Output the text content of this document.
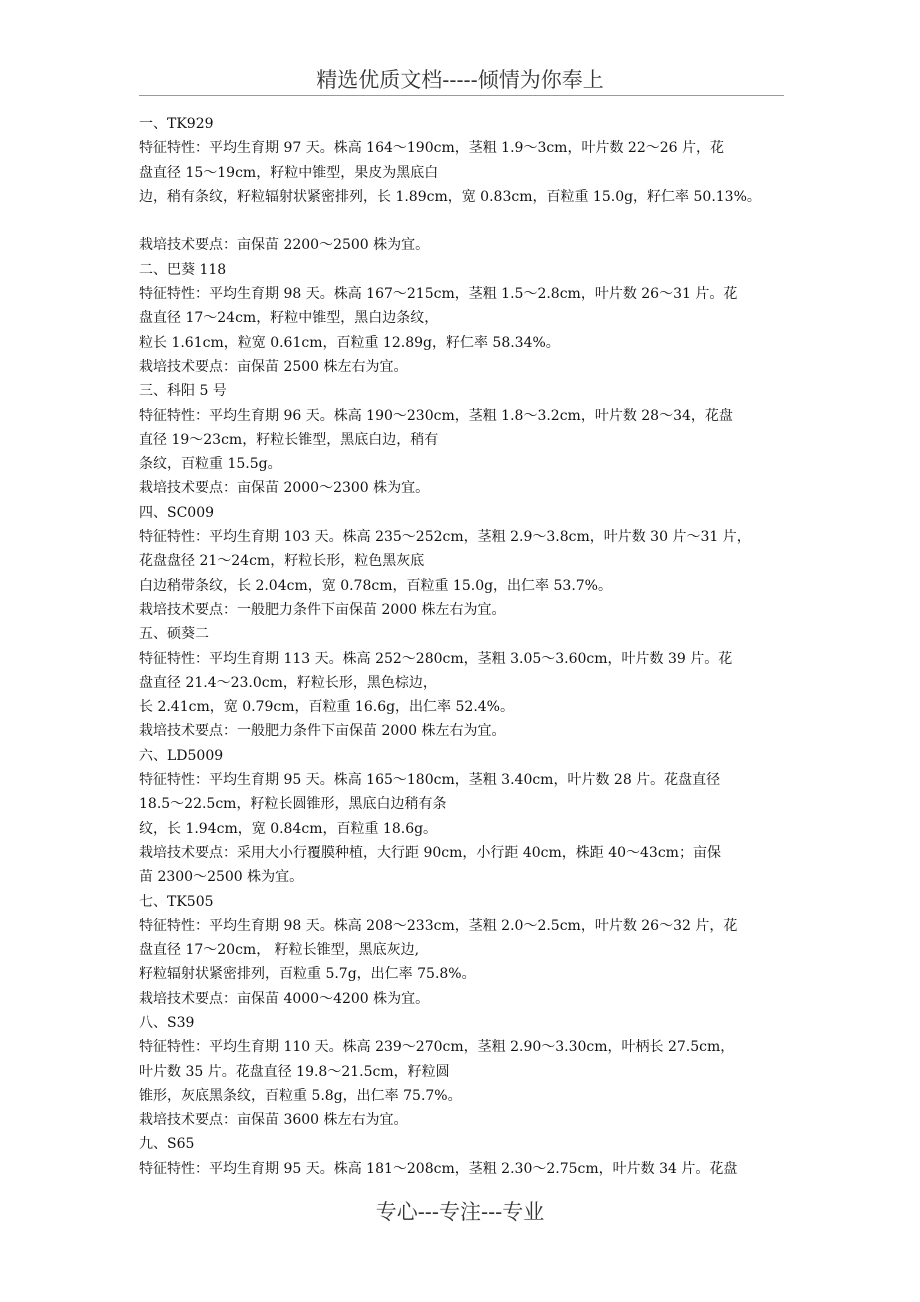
精选优质文档-----倾情为你奉上
一、TK929
特征特性：平均生育期 97 天。株高 164～190cm，茎粗 1.9～3cm，叶片数 22～26 片，花
盘直径 15～19cm，籽粒中锥型，果皮为黑底白
边，稍有条纹，籽粒辐射状紧密排列，长 1.89cm，宽 0.83cm，百粒重 15.0g，籽仁率 50.13%。
栽培技术要点：亩保苗 2200～2500 株为宜。
二、巴葵 118
特征特性：平均生育期 98 天。株高 167～215cm，茎粗 1.5～2.8cm，叶片数 26～31 片。花
盘直径 17～24cm，籽粒中锥型，黑白边条纹，
粒长 1.61cm，粒宽 0.61cm，百粒重 12.89g，籽仁率 58.34%。
栽培技术要点：亩保苗 2500 株左右为宜。
三、科阳 5 号
特征特性：平均生育期 96 天。株高 190～230cm，茎粗 1.8～3.2cm，叶片数 28～34，花盘
直径 19～23cm，籽粒长锥型，黑底白边，稍有
条纹，百粒重 15.5g。
栽培技术要点：亩保苗 2000～2300 株为宜。
四、SC009
特征特性：平均生育期 103 天。株高 235～252cm，茎粗 2.9～3.8cm，叶片数 30 片～31 片，
花盘盘径 21～24cm，籽粒长形，粒色黑灰底
白边稍带条纹，长 2.04cm，宽 0.78cm，百粒重 15.0g，出仁率 53.7%。
栽培技术要点：一般肥力条件下亩保苗 2000 株左右为宜。
五、硕葵二
特征特性：平均生育期 113 天。株高 252～280cm，茎粗 3.05～3.60cm，叶片数 39 片。花
盘直径 21.4～23.0cm，籽粒长形，黑色棕边，
长 2.41cm，宽 0.79cm，百粒重 16.6g，出仁率 52.4%。
栽培技术要点：一般肥力条件下亩保苗 2000 株左右为宜。
六、LD5009
特征特性：平均生育期 95 天。株高 165～180cm，茎粗 3.40cm，叶片数 28 片。花盘直径
18.5～22.5cm，籽粒长圆锥形，黑底白边稍有条
纹，长 1.94cm，宽 0.84cm，百粒重 18.6g。
栽培技术要点：采用大小行覆膜种植，大行距 90cm，小行距 40cm，株距 40～43cm；亩保
苗 2300～2500 株为宜。
七、TK505
特征特性：平均生育期 98 天。株高 208～233cm，茎粗 2.0～2.5cm，叶片数 26～32 片，花
盘直径 17～20cm， 籽粒长锥型，黑底灰边,
籽粒辐射状紧密排列，百粒重 5.7g，出仁率 75.8%。
栽培技术要点：亩保苗 4000～4200 株为宜。
八、S39
特征特性：平均生育期 110 天。株高 239～270cm，茎粗 2.90～3.30cm，叶柄长 27.5cm，
叶片数 35 片。花盘直径 19.8～21.5cm，籽粒圆
锥形，灰底黑条纹，百粒重 5.8g，出仁率 75.7%。
栽培技术要点：亩保苗 3600 株左右为宜。
九、S65
特征特性：平均生育期 95 天。株高 181～208cm，茎粗 2.30～2.75cm，叶片数 34 片。花盘
专心---专注---专业
